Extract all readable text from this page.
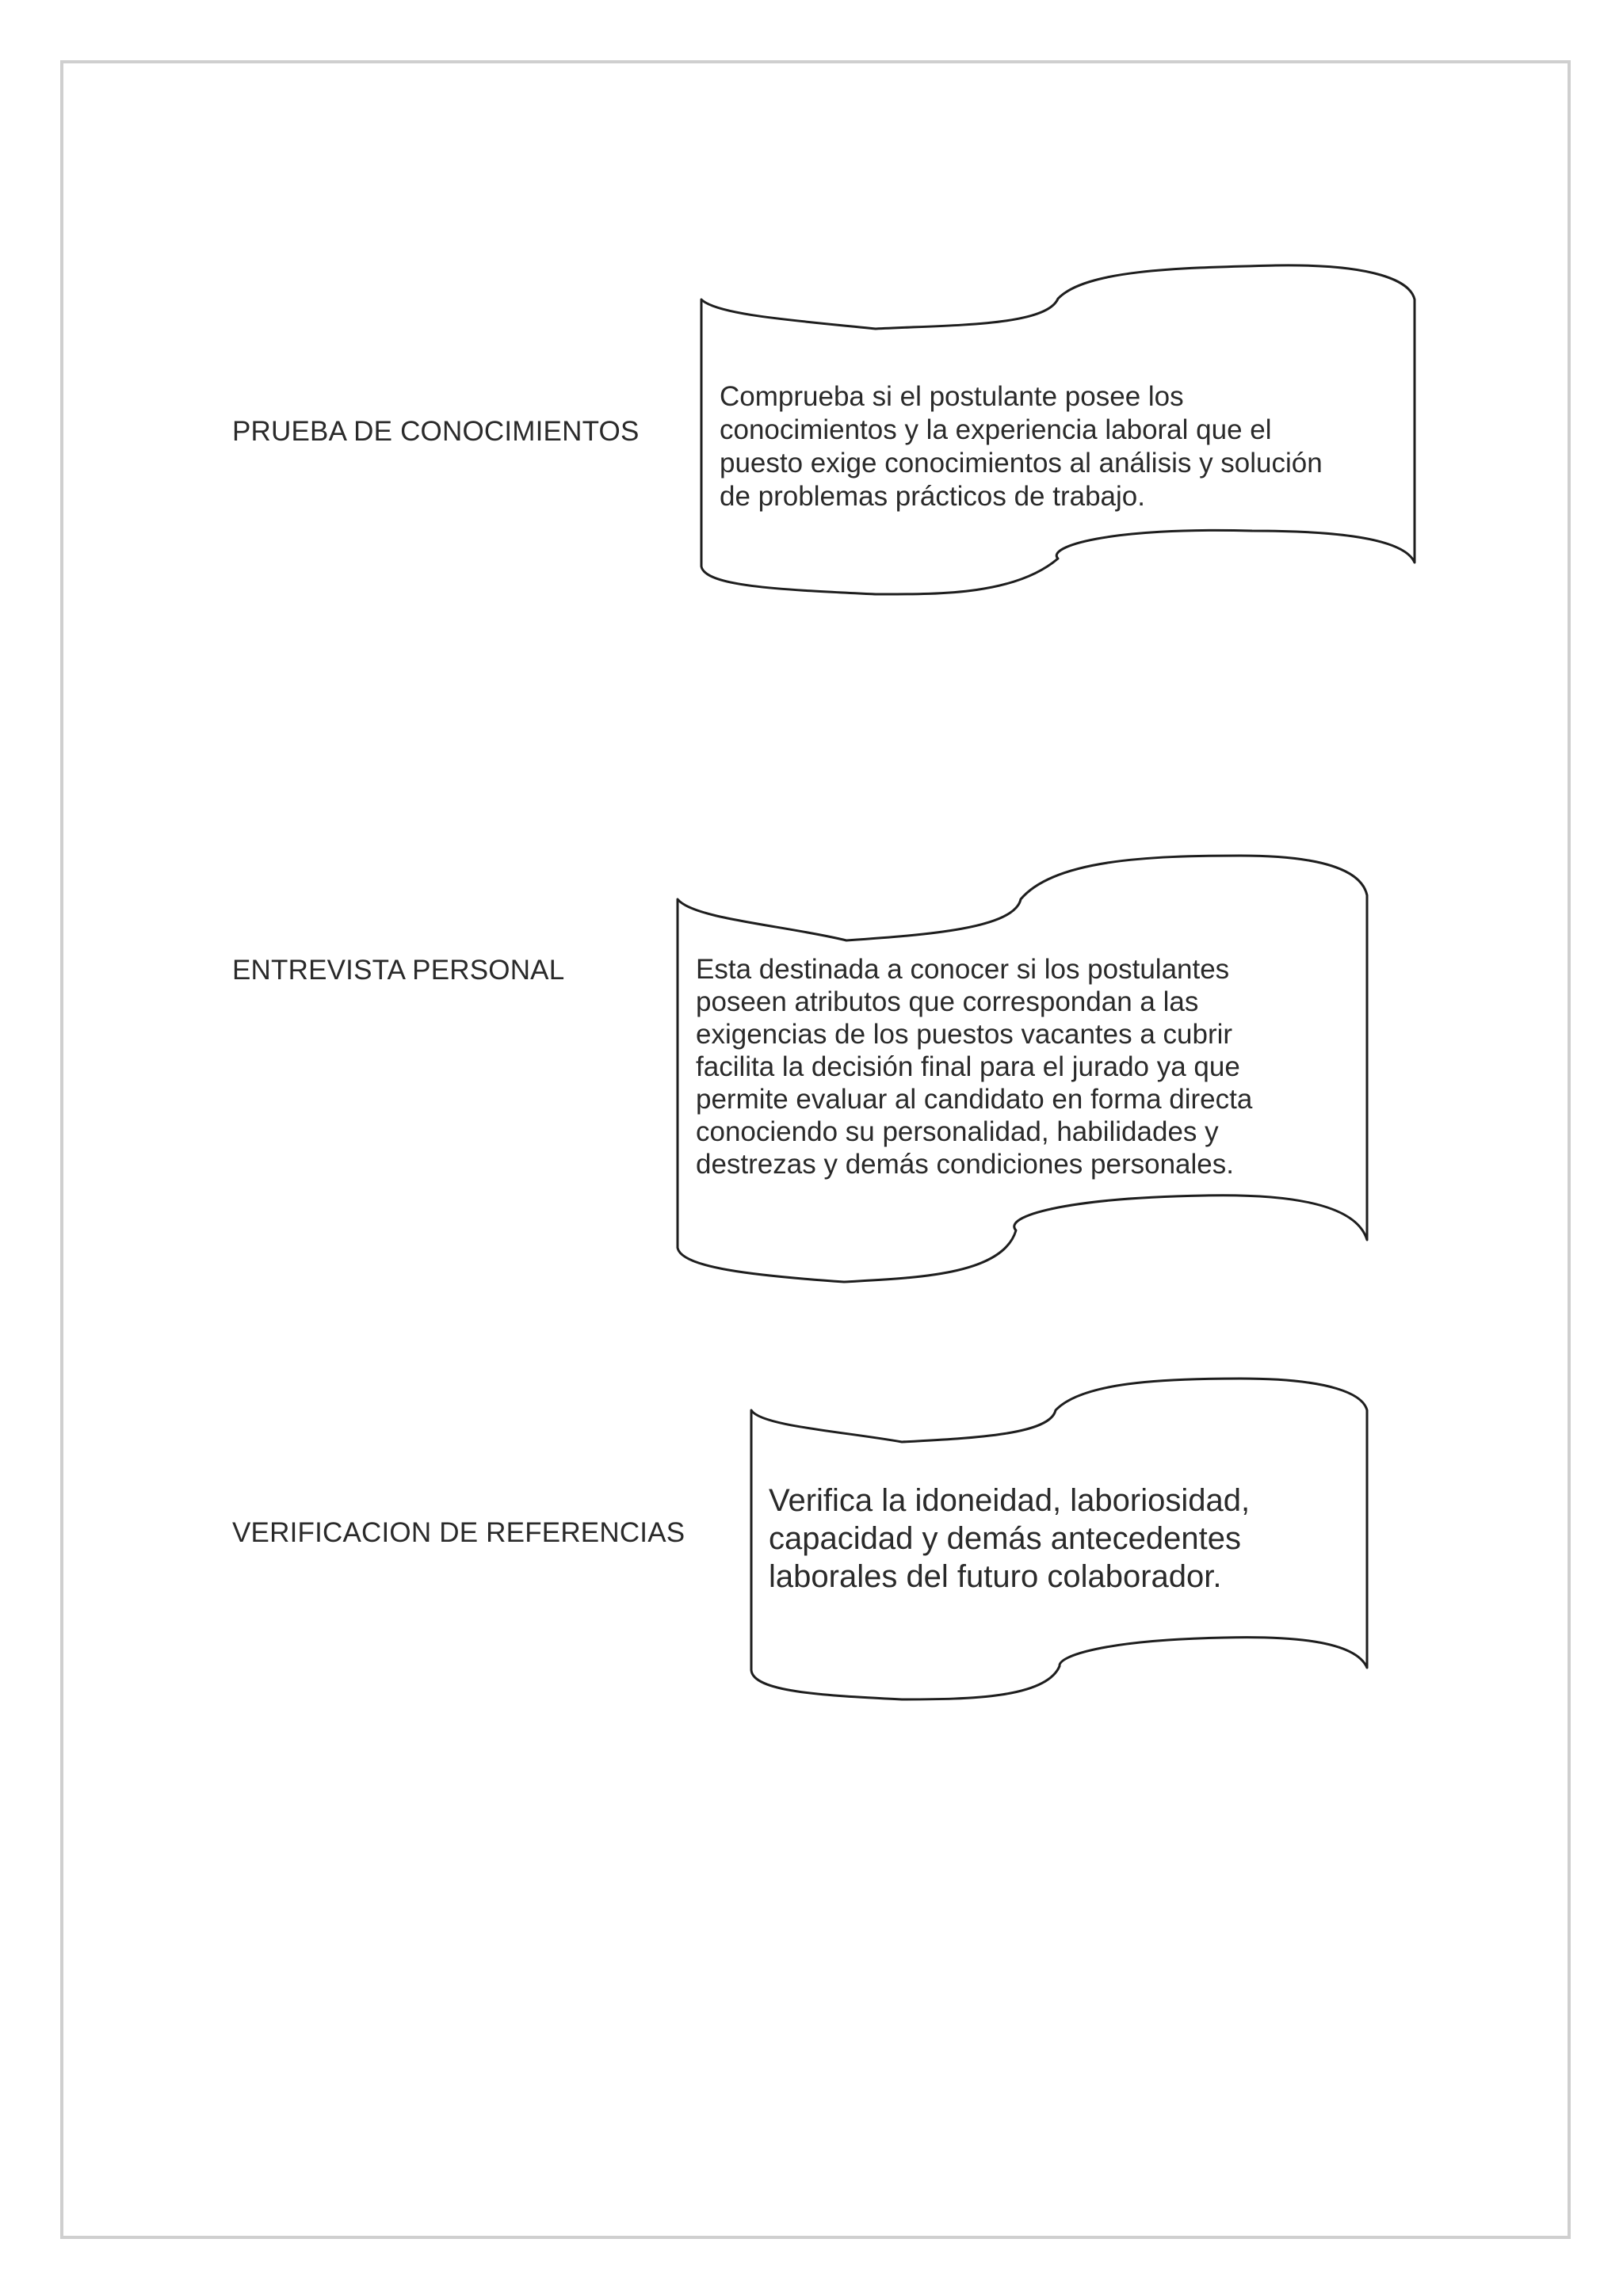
PRUEBA DE CONOCIMIENTOS
Comprueba si el postulante posee los
conocimientos y la experiencia laboral que el
puesto exige conocimientos al análisis y solución
de problemas prácticos de trabajo.
ENTREVISTA PERSONAL	Esta destinada a conocer si los postulantes
poseen atributos que correspondan a las
exigencias de los puestos vacantes a cubrir
facilita la decisión final para el jurado ya que
permite evaluar al candidato en forma directa
conociendo su personalidad, habilidades y
destrezas y demás condiciones personales.
VERIFICACION DE REFERENCIAS
Verifica la idoneidad, laboriosidad,
capacidad y demás antecedentes
laborales del futuro colaborador.
